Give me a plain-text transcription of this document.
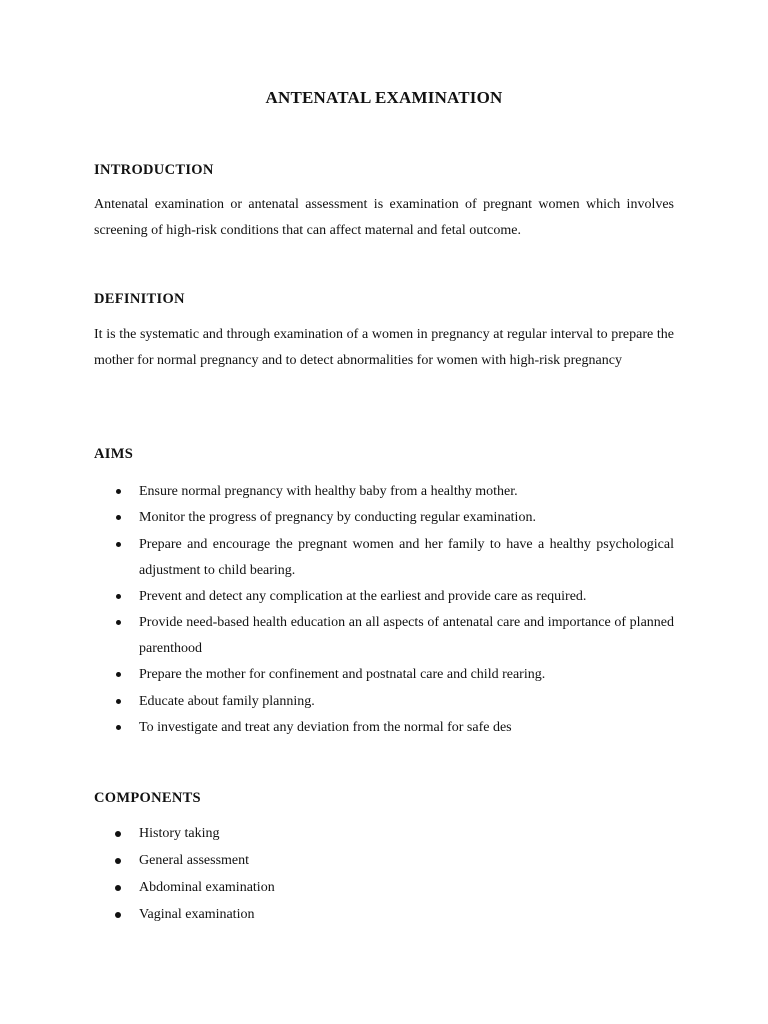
ANTENATAL EXAMINATION
INTRODUCTION
Antenatal examination or antenatal assessment is examination of pregnant women which involves screening of high-risk conditions that can affect maternal and fetal outcome.
DEFINITION
It is the systematic and through examination of a women in pregnancy at regular interval to prepare the mother for normal pregnancy and to detect abnormalities for women with high-risk pregnancy
AIMS
Ensure normal pregnancy with healthy baby from a healthy mother.
Monitor the progress of pregnancy by conducting regular examination.
Prepare and encourage the pregnant women and her family to have a healthy psychological adjustment to child bearing.
Prevent and detect any complication at the earliest and provide care as required.
Provide need-based health education an all aspects of antenatal care and importance of planned parenthood
Prepare the mother for confinement and postnatal care and child rearing.
Educate about family planning.
To investigate and treat any deviation from the normal for safe des
COMPONENTS
History taking
General assessment
Abdominal examination
Vaginal examination
